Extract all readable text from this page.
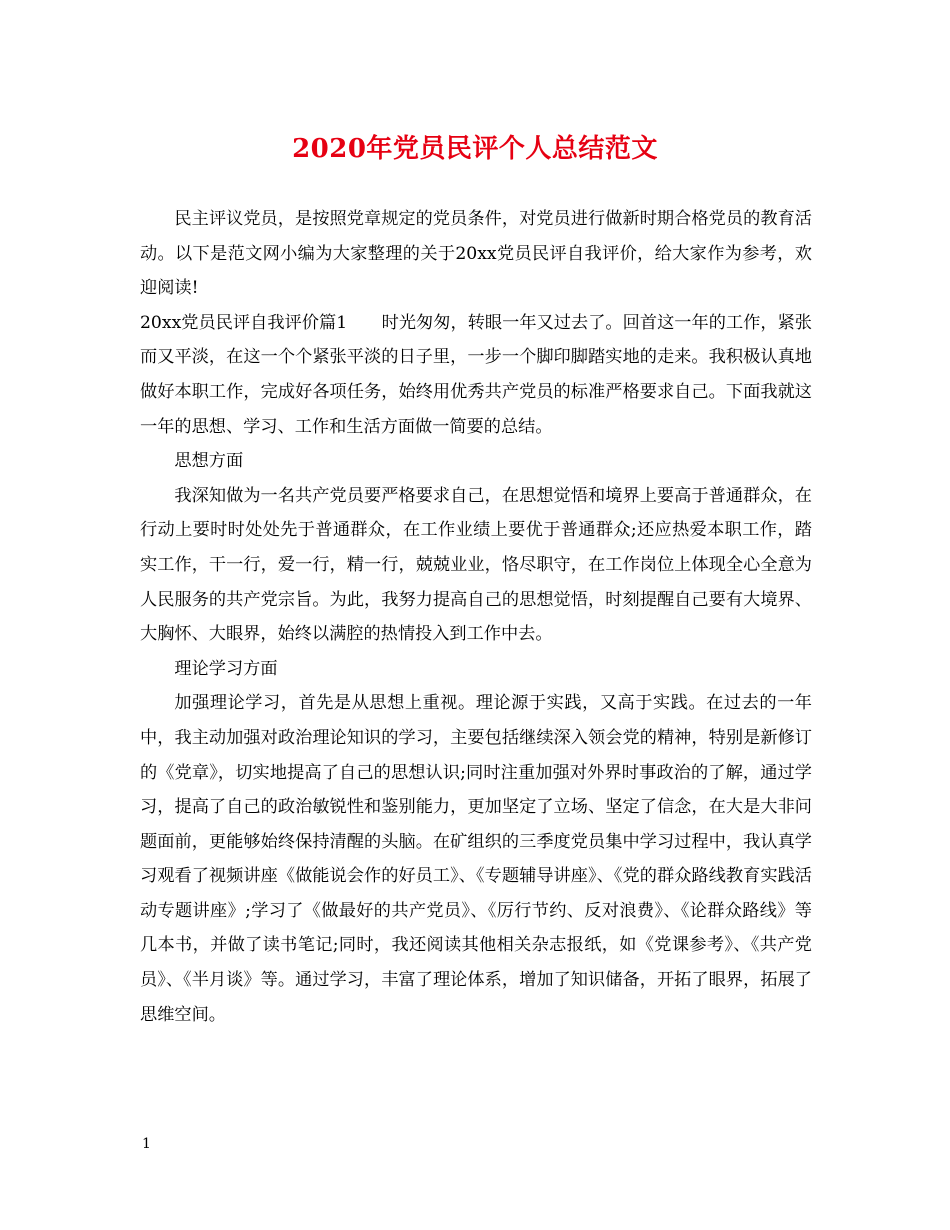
2020年党员民评个人总结范文

民主评议党员，是按照党章规定的党员条件，对党员进行做新时期合格党员的教育活动。以下是范文网小编为大家整理的关于20xx党员民评自我评价，给大家作为参考，欢迎阅读!

20xx党员民评自我评价篇1　　时光匆匆，转眼一年又过去了。回首这一年的工作，紧张而又平淡，在这一个个紧张平淡的日子里，一步一个脚印脚踏实地的走来。我积极认真地做好本职工作，完成好各项任务，始终用优秀共产党员的标准严格要求自己。下面我就这一年的思想、学习、工作和生活方面做一简要的总结。

思想方面

我深知做为一名共产党员要严格要求自己，在思想觉悟和境界上要高于普通群众，在行动上要时时处处先于普通群众，在工作业绩上要优于普通群众;还应热爱本职工作，踏实工作，干一行，爱一行，精一行，兢兢业业，恪尽职守，在工作岗位上体现全心全意为人民服务的共产党宗旨。为此，我努力提高自己的思想觉悟，时刻提醒自己要有大境界、大胸怀、大眼界，始终以满腔的热情投入到工作中去。

理论学习方面

加强理论学习，首先是从思想上重视。理论源于实践，又高于实践。在过去的一年中，我主动加强对政治理论知识的学习，主要包括继续深入领会党的精神，特别是新修订的《党章》，切实地提高了自己的思想认识;同时注重加强对外界时事政治的了解，通过学习，提高了自己的政治敏锐性和鉴别能力，更加坚定了立场、坚定了信念，在大是大非问题面前，更能够始终保持清醒的头脑。在矿组织的三季度党员集中学习过程中，我认真学习观看了视频讲座《做能说会作的好员工》、《专题辅导讲座》、《党的群众路线教育实践活动专题讲座》;学习了《做最好的共产党员》、《厉行节约、反对浪费》、《论群众路线》等几本书，并做了读书笔记;同时，我还阅读其他相关杂志报纸，如《党课参考》、《共产党员》、《半月谈》等。通过学习，丰富了理论体系，增加了知识储备，开拓了眼界，拓展了思维空间。

1
